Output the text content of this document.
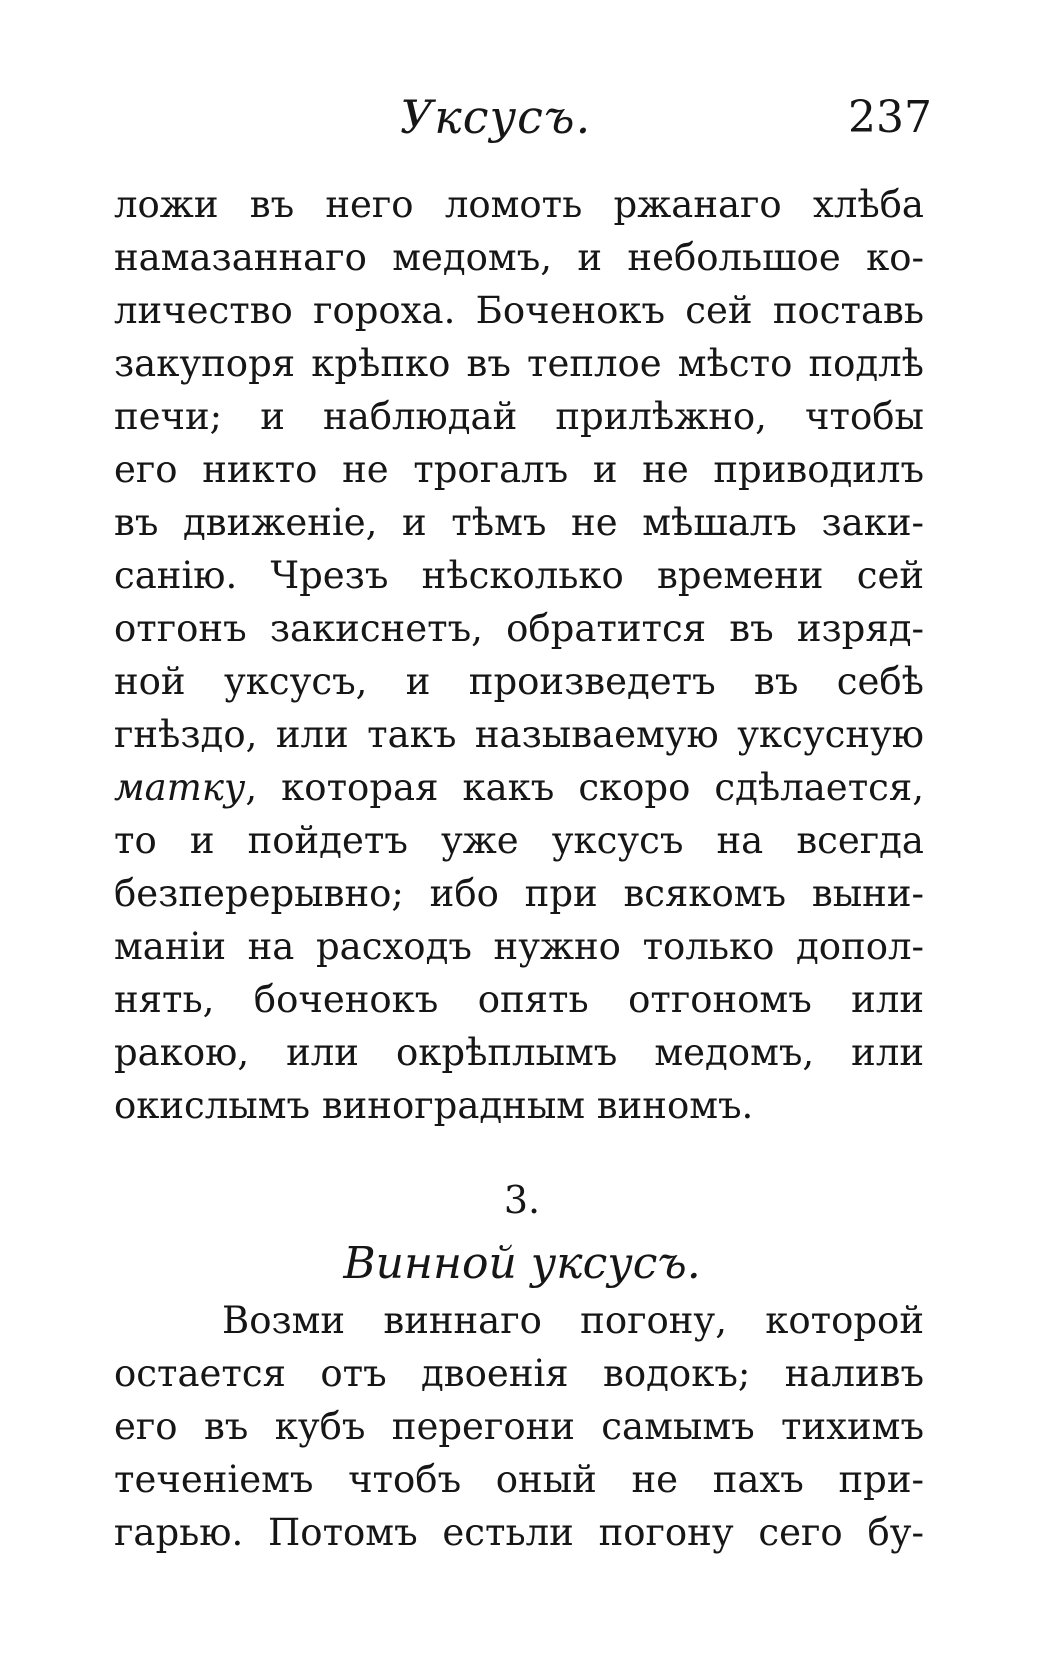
Уксусъ.	237
ложи въ него ломоть ржанаго хлѣба
намазаннаго медомъ, и небольшое ко-
личество гороха. Боченокъ сей поставь
закупоря крѣпко въ теплое мѣсто подлѣ
печи; и наблюдай прилѣжно, чтобы
его никто не трогалъ и не приводилъ
въ движенiе, и тѣмъ не мѣшалъ заки-
санiю. Чрезъ нѣсколько времени сей
отгонъ закиснетъ, обратится въ изряд-
ной уксусъ, и произведетъ въ себѣ
гнѣздо, или такъ называемую уксусную
матку, которая какъ скоро сдѣлается,
то и пойдетъ уже уксусъ на всегда
безперерывно; ибо при всякомъ выни-
манiи на расходъ нужно только допол-
нять, боченокъ опять отгономъ или
ракою, или окрѣплымъ медомъ, или
окислымъ виноградным виномъ.
3.
Винной уксусъ.
Возми виннаго погону, которой
остается отъ двоенiя водокъ; наливъ
его въ кубъ перегони самымъ тихимъ
теченiемъ чтобъ оный не пахъ при-
гарью. Потомъ естьли погону сего бу-
